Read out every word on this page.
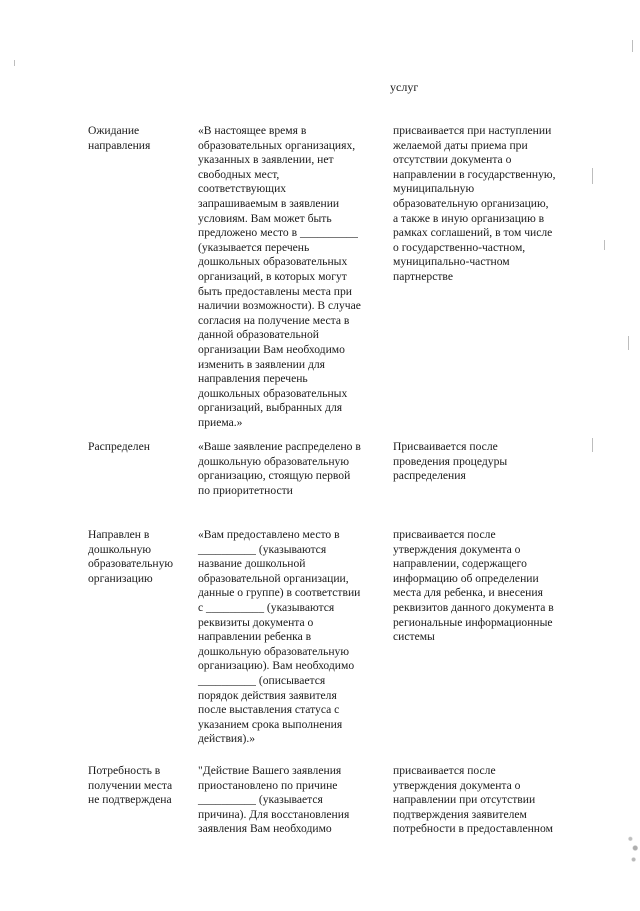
услуг
Ожидание
направления
«В настоящее время в
образовательных организациях,
указанных в заявлении, нет
свободных мест,
соответствующих
запрашиваемым в заявлении
условиям. Вам может быть
предложено место в __________
(указывается перечень
дошкольных образовательных
организаций, в которых могут
быть предоставлены места при
наличии возможности). В случае
согласия на получение места в
данной образовательной
организации Вам необходимо
изменить в заявлении для
направления перечень
дошкольных образовательных
организаций, выбранных для
приема.»
присваивается при наступлении
желаемой даты приема при
отсутствии документа о
направлении в государственную,
муниципальную
образовательную организацию,
а также в иную организацию в
рамках соглашений, в том числе
о государственно-частном,
муниципально-частном
партнерстве
Распределен	«Ваше заявление распределено в
дошкольную образовательную
организацию, стоящую первой
по приоритетности
Присваивается после
проведения процедуры
распределения
Направлен в
дошкольную
образовательную
организацию
«Вам предоставлено место в
__________ (указываются
название дошкольной
образовательной организации,
данные о группе) в соответствии
с __________ (указываются
реквизиты документа о
направлении ребенка в
дошкольную образовательную
организацию). Вам необходимо
__________ (описывается
порядок действия заявителя
после выставления статуса с
указанием срока выполнения
действия).»
присваивается после
утверждения документа о
направлении, содержащего
информацию об определении
места для ребенка, и внесения
реквизитов данного документа в
региональные информационные
системы
Потребность в
получении места
не подтверждена
"Действие Вашего заявления
приостановлено по причине
__________ (указывается
причина). Для восстановления
заявления Вам необходимо
присваивается после
утверждения документа о
направлении при отсутствии
подтверждения заявителем
потребности в предоставленном
